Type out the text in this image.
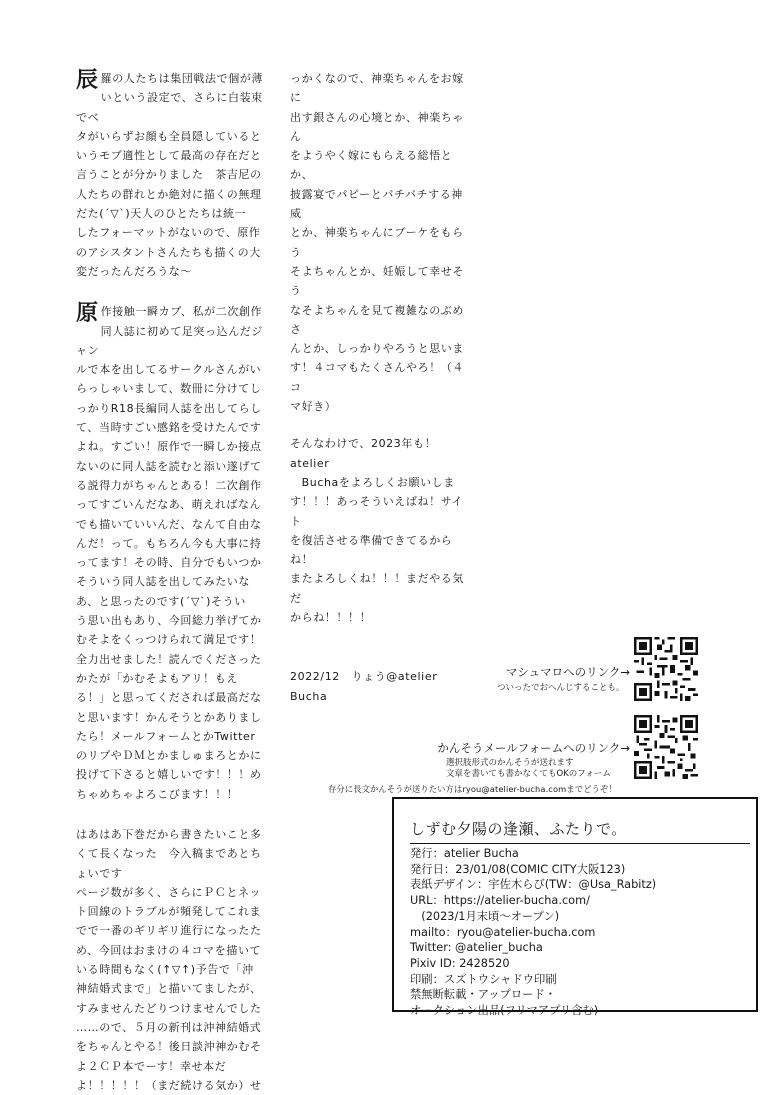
辰 羅の人たちは集団戦法で個が薄

いという設定で、さらに白装束でベ
タがいらずお顔も全員隠していると
いうモブ適性として最高の存在だと
言うことが分かりました　茶吉尼の
人たちの群れとか絶対に描くの無理
だた(´▽`)天人のひとたちは統一
したフォーマットがないので、原作
のアシスタントさんたちも描くの大
変だったんだろうな〜

原 作接触一瞬カプ、私が二次創作

同人誌に初めて足突っ込んだジャン
ルで本を出してるサークルさんがい
らっしゃいまして、数冊に分けてし
っかりR18長編同人誌を出してらし
て、当時すごい感銘を受けたんです
よね。すごい！原作で一瞬しか接点
ないのに同人誌を読むと添い遂げて
る説得力がちゃんとある！二次創作
ってすごいんだなあ、萌えればなん
でも描いていいんだ、なんて自由な
んだ！って。もちろん今も大事に持
ってます！その時、自分でもいつか
そういう同人誌を出してみたいな
あ、と思ったのです(´▽`)そうい
う思い出もあり、今回総力挙げてか
むそよをくっつけられて満足です！
全力出せました！読んでくださった
かたが「かむそよもアリ！もえ
る！」と思ってくだされば最高だな
と思います！かんそうとかありまし
たら！メールフォームとかTwitter
のリプやＤＭとかましゅまろとかに
投げて下さると嬉しいです！！！め
ちゃめちゃよろこびます！！！

はあはあ下巻だから書きたいこと多
くて長くなった　今入稿まであとち
ょいです
ページ数が多く、さらにＰＣとネッ
ト回線のトラブルが頻発してこれま
でで一番のギリギリ進行になったた
め、今回はおまけの４コマを描いて
いる時間もなく(↑▽↑)予告で「沖
神結婚式まで」と描いてましたが、
すみませんたどりつけませんでした
……ので、５月の新刊は沖神結婚式
をちゃんとやる！後日談沖神かむそ
よ２ＣＰ本でーす！幸せ本だ
よ！！！！！（まだ続ける気か）せ

っかくなので、神楽ちゃんをお嫁に
出す銀さんの心境とか、神楽ちゃん
をようやく嫁にもらえる総悟とか、
披露宴でパピーとバチバチする神威
とか、神楽ちゃんにブーケをもらう
そよちゃんとか、妊娠して幸せそう
なそよちゃんを見て複雑なのぶめさ
んとか、しっかりやろうと思いま
す！４コマもたくさんやろ！（４コ
マ好き）

そんなわけで、2023年も！atelier
　Buchaをよろしくお願いしま
す！！！あっそういえばね！サイト
を復活させる準備できてるからね！
またよろしくね！！！まだやる気だ
からね！！！！

2022/12　りょう@atelier Bucha

マシュマロへのリンク→
ついったでおへんじすることも。
かんそうメールフォームへのリンク→
選択肢形式のかんそうが送れます
文章を書いても書かなくてもOKのフォーム
存分に長文かんそうが送りたい方はryou@atelier-bucha.comまでどうぞ！
しずむ夕陽の逢瀬、ふたりで。
発行：atelier Bucha
発行日：23/01/08(COMIC CITY大阪123)
表紙デザイン：宇佐木らび(TW：@Usa_Rabitz)
URL：https://atelier-bucha.com/
　(2023/1月末頃〜オープン)
mailto：ryou@atelier-bucha.com
Twitter: @atelier_bucha
Pixiv ID: 2428520
印刷：スズトウシャドウ印刷
禁無断転載・アップロード・
オークション出品(フリマアプリ含む)
